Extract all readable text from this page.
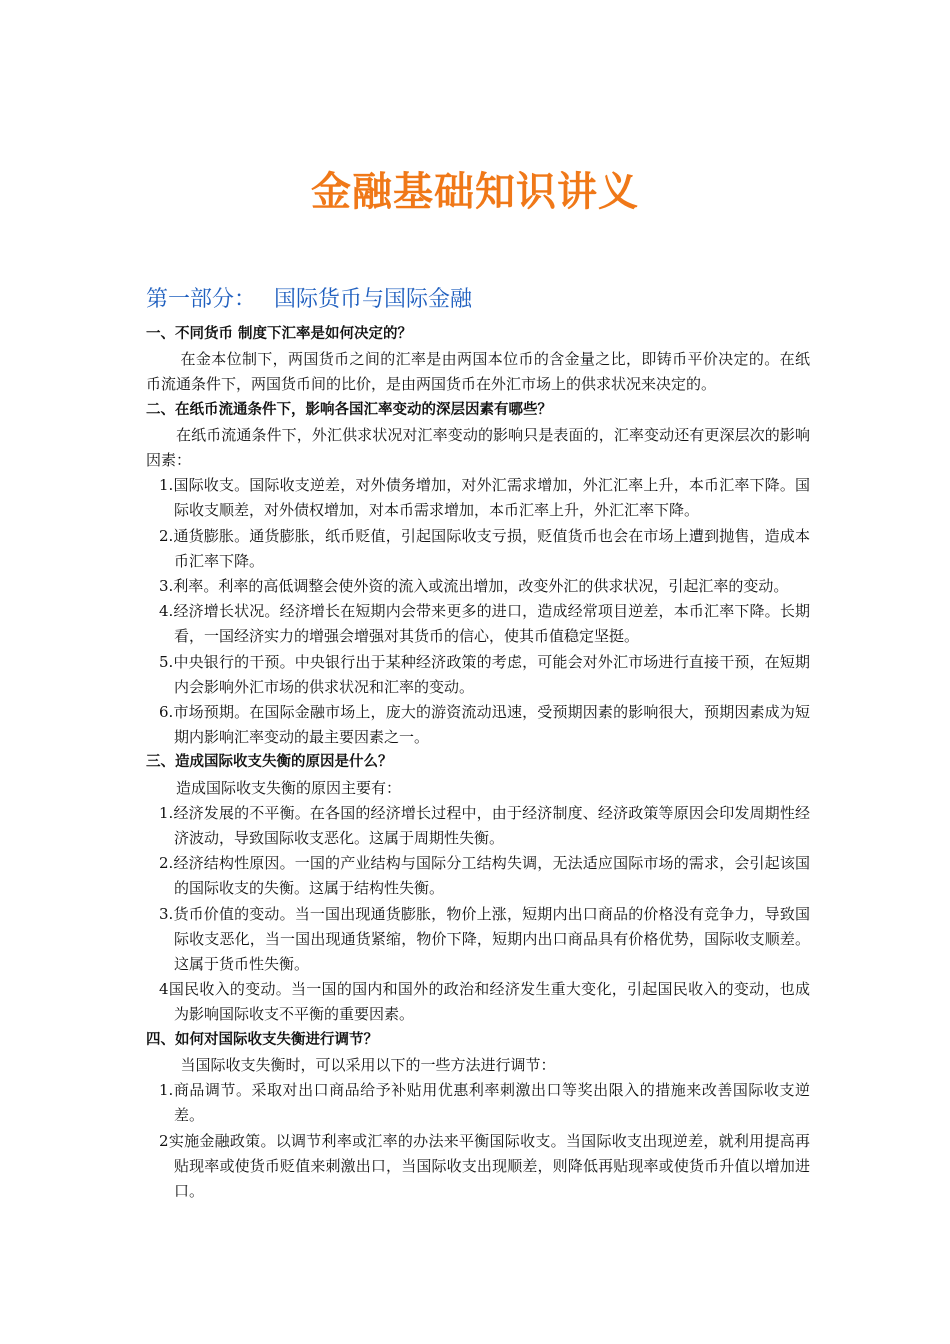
金融基础知识讲义
第一部分： 国际货币与国际金融
一、不同货币 制度下汇率是如何决定的？
在金本位制下，两国货币之间的汇率是由两国本位币的含金量之比，即铸币平价决定的。在纸币流通条件下，两国货币间的比价，是由两国货币在外汇市场上的供求状况来决定的。
二、在纸币流通条件下，影响各国汇率变动的深层因素有哪些？
在纸币流通条件下，外汇供求状况对汇率变动的影响只是表面的，汇率变动还有更深层次的影响因素：
1.国际收支。国际收支逆差，对外债务增加，对外汇需求增加，外汇汇率上升，本币汇率下降。国际收支顺差，对外债权增加，对本币需求增加，本币汇率上升，外汇汇率下降。
2.通货膨胀。通货膨胀，纸币贬值，引起国际收支亏损，贬值货币也会在市场上遭到抛售，造成本币汇率下降。
3.利率。利率的高低调整会使外资的流入或流出增加，改变外汇的供求状况，引起汇率的变动。
4.经济增长状况。经济增长在短期内会带来更多的进口，造成经常项目逆差，本币汇率下降。长期看，一国经济实力的增强会增强对其货币的信心，使其币值稳定坚挺。
5.中央银行的干预。中央银行出于某种经济政策的考虑，可能会对外汇市场进行直接干预，在短期内会影响外汇市场的供求状况和汇率的变动。
6.市场预期。在国际金融市场上，庞大的游资流动迅速，受预期因素的影响很大，预期因素成为短期内影响汇率变动的最主要因素之一。
三、造成国际收支失衡的原因是什么？
造成国际收支失衡的原因主要有：
1.经济发展的不平衡。在各国的经济增长过程中，由于经济制度、经济政策等原因会印发周期性经济波动，导致国际收支恶化。这属于周期性失衡。
2.经济结构性原因。一国的产业结构与国际分工结构失调，无法适应国际市场的需求，会引起该国的国际收支的失衡。这属于结构性失衡。
3.货币价值的变动。当一国出现通货膨胀，物价上涨，短期内出口商品的价格没有竞争力，导致国际收支恶化，当一国出现通货紧缩，物价下降，短期内出口商品具有价格优势，国际收支顺差。这属于货币性失衡。
4国民收入的变动。当一国的国内和国外的政治和经济发生重大变化，引起国民收入的变动，也成为影响国际收支不平衡的重要因素。
四、如何对国际收支失衡进行调节？
当国际收支失衡时，可以采用以下的一些方法进行调节：
1.商品调节。采取对出口商品给予补贴用优惠利率刺激出口等奖出限入的措施来改善国际收支逆差。
2实施金融政策。以调节利率或汇率的办法来平衡国际收支。当国际收支出现逆差，就利用提高再贴现率或使货币贬值来刺激出口，当国际收支出现顺差，则降低再贴现率或使货币升值以增加进口。
